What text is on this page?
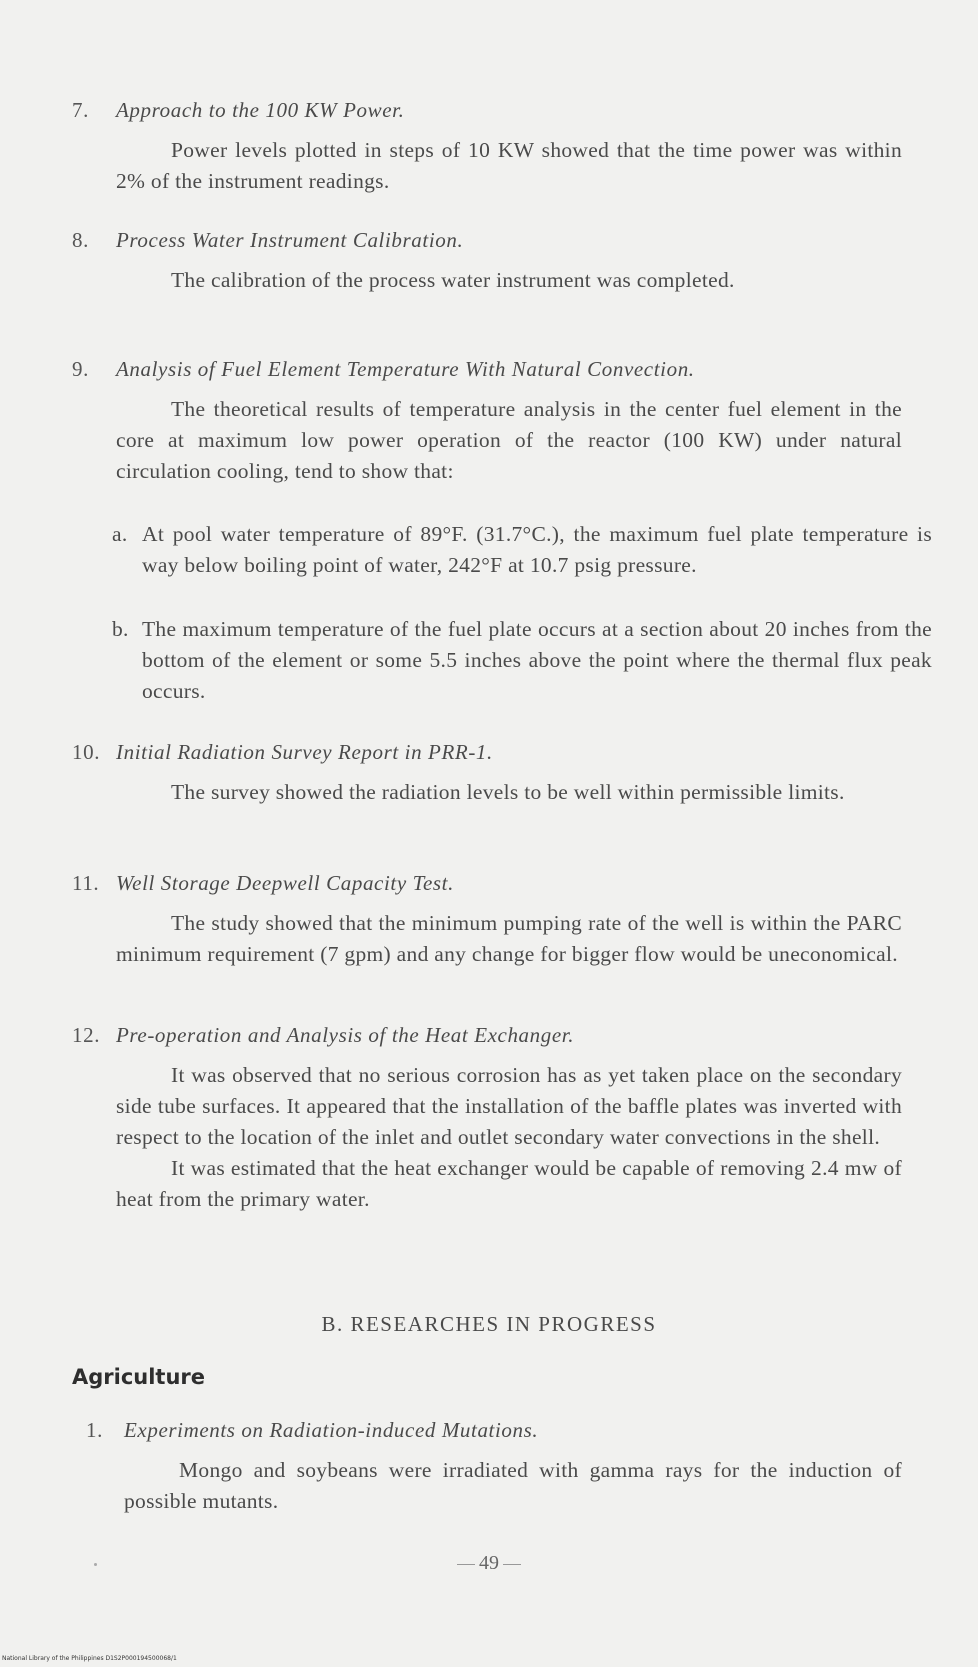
7. Approach to the 100 KW Power.
Power levels plotted in steps of 10 KW showed that the time power was within 2% of the instrument readings.
8. Process Water Instrument Calibration.
The calibration of the process water instrument was completed.
9. Analysis of Fuel Element Temperature With Natural Convection.
The theoretical results of temperature analysis in the center fuel element in the core at maximum low power operation of the reactor (100 KW) under natural circulation cooling, tend to show that:
a. At pool water temperature of 89°F. (31.7°C.), the maximum fuel plate temperature is way below boiling point of water, 242°F at 10.7 psig pressure.
b. The maximum temperature of the fuel plate occurs at a section about 20 inches from the bottom of the element or some 5.5 inches above the point where the thermal flux peak occurs.
10. Initial Radiation Survey Report in PRR-1.
The survey showed the radiation levels to be well within permissible limits.
11. Well Storage Deepwell Capacity Test.
The study showed that the minimum pumping rate of the well is within the PARC minimum requirement (7 gpm) and any change for bigger flow would be uneconomical.
12. Pre-operation and Analysis of the Heat Exchanger.
It was observed that no serious corrosion has as yet taken place on the secondary side tube surfaces. It appeared that the installation of the baffle plates was inverted with respect to the location of the inlet and outlet secondary water convections in the shell.
It was estimated that the heat exchanger would be capable of removing 2.4 mw of heat from the primary water.
B. RESEARCHES IN PROGRESS
Agriculture
1. Experiments on Radiation-induced Mutations.
Mongo and soybeans were irradiated with gamma rays for the induction of possible mutants.
49
National Library of the Philippines D1S2P000194500068/1
